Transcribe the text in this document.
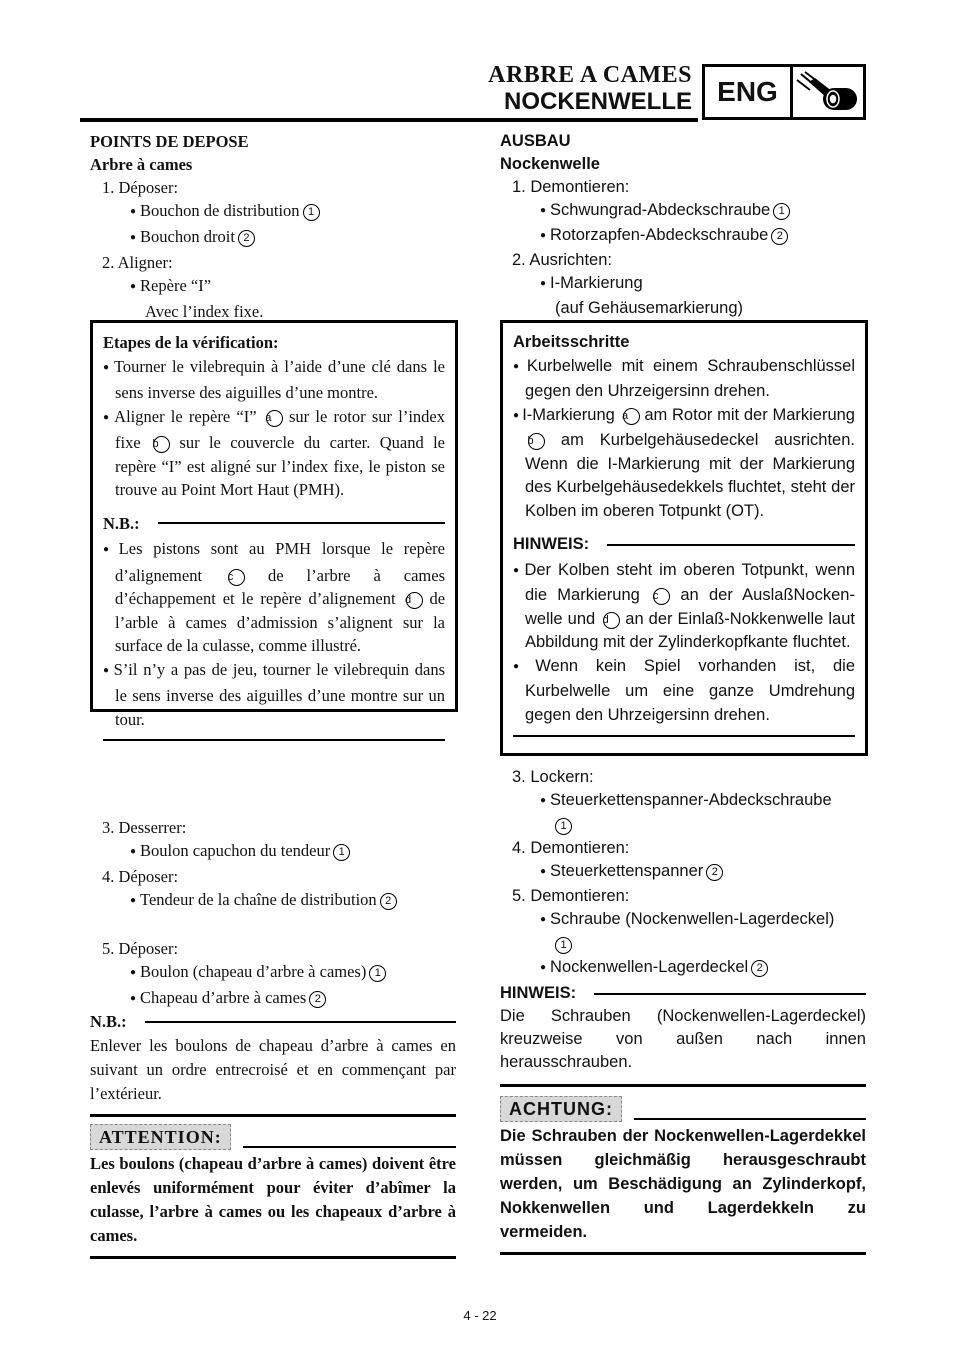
ARBRE A CAMES
NOCKENWELLE ENG

POINTS DE DEPOSE

Arbre à cames

1. Déposer:

● Bouchon de distribution 1

● Bouchon droit 2

2. Aligner:

● Repère “I”

Avec l’index fixe.

Etapes de la vérification:

● Tourner le vilebrequin à l’aide d’une clé dans le sens inverse des aiguilles d’une montre.

● Aligner le repère “I” a sur le rotor sur l’index fixe b sur le couvercle du carter. Quand le repère “I” est aligné sur l’index fixe, le piston se trouve au Point Mort Haut (PMH).

N.B.:

● Les pistons sont au PMH lorsque le repère d’alignement c de l’arbre à cames d’échappement et le repère d’alignement d de l’arble à cames d’admission s’alignent sur la surface de la culasse, comme illustré.

● S’il n’y a pas de jeu, tourner le vilebrequin dans le sens inverse des aiguilles d’une montre sur un tour.

3. Desserrer:

● Boulon capuchon du tendeur 1

4. Déposer:

● Tendeur de la chaîne de distribution 2

5. Déposer:

● Boulon (chapeau d’arbre à cames) 1

● Chapeau d’arbre à cames 2

N.B.:

Enlever les boulons de chapeau d’arbre à cames en suivant un ordre entrecroisé et en commençant par l’extérieur.

ATTENTION:

Les boulons (chapeau d’arbre à cames) doivent être enlevés uniformément pour éviter d’abîmer la culasse, l’arbre à cames ou les chapeaux d’arbre à cames.

AUSBAU

Nockenwelle

1. Demontieren:

● Schwungrad-Abdeckschraube 1

● Rotorzapfen-Abdeckschraube 2

2. Ausrichten:

● I-Markierung

(auf Gehäusemarkierung)

Arbeitsschritte

● Kurbelwelle mit einem Schraubenschlüssel gegen den Uhrzeigersinn drehen.

● I-Markierung a am Rotor mit der Markierung b am Kurbelgehäusedeckel ausrichten. Wenn die I-Markierung mit der Markierung des Kurbelgehäusedekkels fluchtet, steht der Kolben im oberen Totpunkt (OT).

HINWEIS:

● Der Kolben steht im oberen Totpunkt, wenn die Markierung c an der AuslaßNockenwelle und d an der Einlaß-Nokkenwelle laut Abbildung mit der Zylinderkopfkante fluchtet.

● Wenn kein Spiel vorhanden ist, die Kurbelwelle um eine ganze Umdrehung gegen den Uhrzeigersinn drehen.

3. Lockern:

● Steuerkettenspanner-Abdeckschraube

1

4. Demontieren:

● Steuerkettenspanner 2

5. Demontieren:

● Schraube (Nockenwellen-Lagerdeckel)

1

● Nockenwellen-Lagerdeckel 2

HINWEIS:

Die Schrauben (Nockenwellen-Lagerdeckel) kreuzweise von außen nach innen herausschrauben.

ACHTUNG:

Die Schrauben der Nockenwellen-Lagerdekkel müssen gleichmäßig herausgeschraubt werden, um Beschädigung an Zylinderkopf, Nokkenwellen und Lagerdekkeln zu vermeiden.

4 - 22
